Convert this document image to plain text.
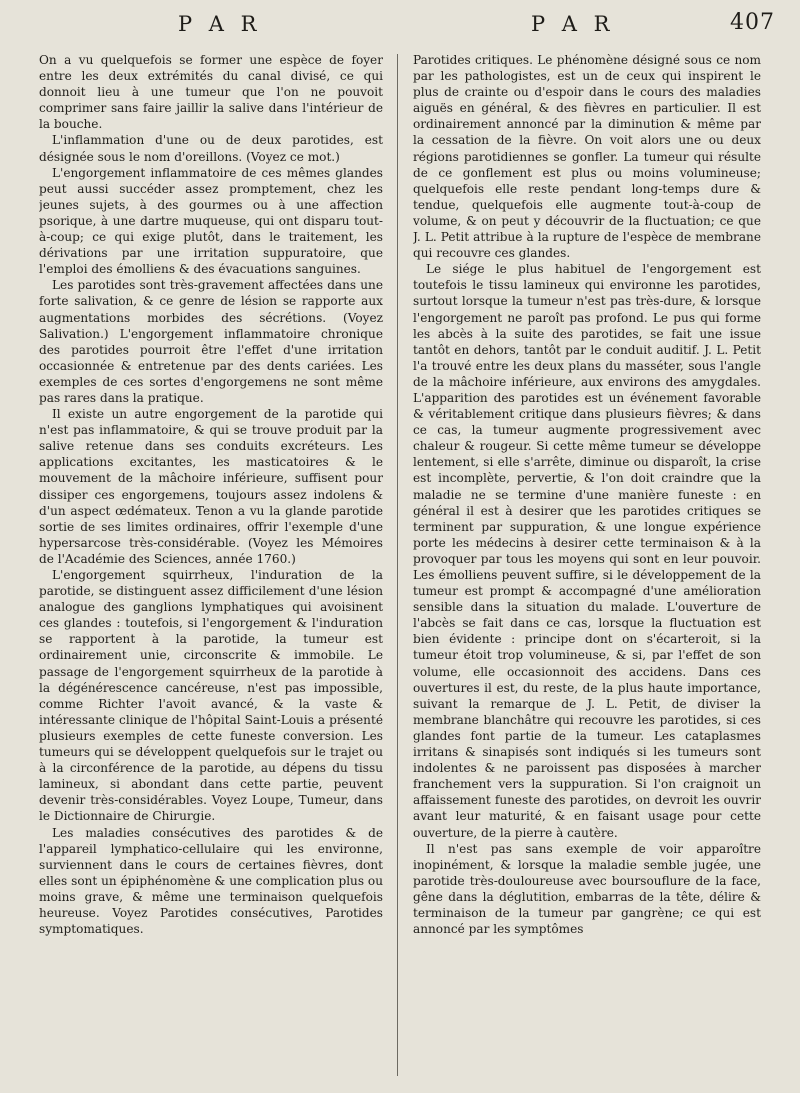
P A R	P A R	407

On a vu quelquefois se former une espèce de foyer entre les deux extrémités du canal divisé, ce qui donnoit lieu à une tumeur que l'on ne pouvoit comprimer sans faire jaillir la salive dans l'intérieur de la bouche.

L'inflammation d'une ou de deux parotides, est désignée sous le nom d'oreillons. (Voyez ce mot.)

L'engorgement inflammatoire de ces mêmes glandes peut aussi succéder assez promptement, chez les jeunes sujets, à des gourmes ou à une affection psorique, à une dartre muqueuse, qui ont disparu tout-à-coup; ce qui exige plutôt, dans le traitement, les dérivations par une irritation suppuratoire, que l'emploi des émolliens & des évacuations sanguines.

Les parotides sont très-gravement affectées dans une forte salivation, & ce genre de lésion se rapporte aux augmentations morbides des sécrétions. (Voyez Salivation.) L'engorgement inflammatoire chronique des parotides pourroit être l'effet d'une irritation occasionnée & entretenue par des dents cariées. Les exemples de ces sortes d'engorgemens ne sont même pas rares dans la pratique.

Il existe un autre engorgement de la parotide qui n'est pas inflammatoire, & qui se trouve produit par la salive retenue dans ses conduits excréteurs. Les applications excitantes, les masticatoires & le mouvement de la mâchoire inférieure, suffisent pour dissiper ces engorgemens, toujours assez indolens & d'un aspect œdémateux. Tenon a vu la glande parotide sortie de ses limites ordinaires, offrir l'exemple d'une hypersarcose très-considérable. (Voyez les Mémoires de l'Académie des Sciences, année 1760.)

L'engorgement squirrheux, l'induration de la parotide, se distinguent assez difficilement d'une lésion analogue des ganglions lymphatiques qui avoisinent ces glandes : toutefois, si l'engorgement & l'induration se rapportent à la parotide, la tumeur est ordinairement unie, circonscrite & immobile. Le passage de l'engorgement squirrheux de la parotide à la dégénérescence cancéreuse, n'est pas impossible, comme Richter l'avoit avancé, & la vaste & intéressante clinique de l'hôpital Saint-Louis a présenté plusieurs exemples de cette funeste conversion. Les tumeurs qui se développent quelquefois sur le trajet ou à la circonférence de la parotide, au dépens du tissu lamineux, si abondant dans cette partie, peuvent devenir très-considérables. Voyez Loupe, Tumeur, dans le Dictionnaire de Chirurgie.

Les maladies consécutives des parotides & de l'appareil lymphatico-cellulaire qui les environne, surviennent dans le cours de certaines fièvres, dont elles sont un épiphénomène & une complication plus ou moins grave, & même une terminaison quelquefois heureuse. Voyez Parotides consécutives, Parotides symptomatiques.

Parotides critiques. Le phénomène désigné sous ce nom par les pathologistes, est un de ceux qui inspirent le plus de crainte ou d'espoir dans le cours des maladies aiguës en général, & des fièvres en particulier. Il est ordinairement annoncé par la diminution & même par la cessation de la fièvre. On voit alors une ou deux régions parotidiennes se gonfler. La tumeur qui résulte de ce gonflement est plus ou moins volumineuse; quelquefois elle reste pendant long-temps dure & tendue, quelquefois elle augmente tout-à-coup de volume, & on peut y découvrir de la fluctuation; ce que J. L. Petit attribue à la rupture de l'espèce de membrane qui recouvre ces glandes.

Le siége le plus habituel de l'engorgement est toutefois le tissu lamineux qui environne les parotides, surtout lorsque la tumeur n'est pas très-dure, & lorsque l'engorgement ne paroît pas profond. Le pus qui forme les abcès à la suite des parotides, se fait une issue tantôt en dehors, tantôt par le conduit auditif. J. L. Petit l'a trouvé entre les deux plans du masséter, sous l'angle de la mâchoire inférieure, aux environs des amygdales. L'apparition des parotides est un événement favorable & véritablement critique dans plusieurs fièvres; & dans ce cas, la tumeur augmente progressivement avec chaleur & rougeur. Si cette même tumeur se développe lentement, si elle s'arrête, diminue ou disparoît, la crise est incomplète, pervertie, & l'on doit craindre que la maladie ne se termine d'une manière funeste : en général il est à desirer que les parotides critiques se terminent par suppuration, & une longue expérience porte les médecins à desirer cette terminaison & à la provoquer par tous les moyens qui sont en leur pouvoir. Les émolliens peuvent suffire, si le développement de la tumeur est prompt & accompagné d'une amélioration sensible dans la situation du malade. L'ouverture de l'abcès se fait dans ce cas, lorsque la fluctuation est bien évidente : principe dont on s'écarteroit, si la tumeur étoit trop volumineuse, & si, par l'effet de son volume, elle occasionnoit des accidens. Dans ces ouvertures il est, du reste, de la plus haute importance, suivant la remarque de J. L. Petit, de diviser la membrane blanchâtre qui recouvre les parotides, si ces glandes font partie de la tumeur. Les cataplasmes irritans & sinapisés sont indiqués si les tumeurs sont indolentes & ne paroissent pas disposées à marcher franchement vers la suppuration. Si l'on craignoit un affaissement funeste des parotides, on devroit les ouvrir avant leur maturité, & en faisant usage pour cette ouverture, de la pierre à cautère.

Il n'est pas sans exemple de voir apparoître inopinément, & lorsque la maladie semble jugée, une parotide très-douloureuse avec boursouflure de la face, gêne dans la déglutition, embarras de la tête, délire & terminaison de la tumeur par gangrène; ce qui est annoncé par les symptômes
